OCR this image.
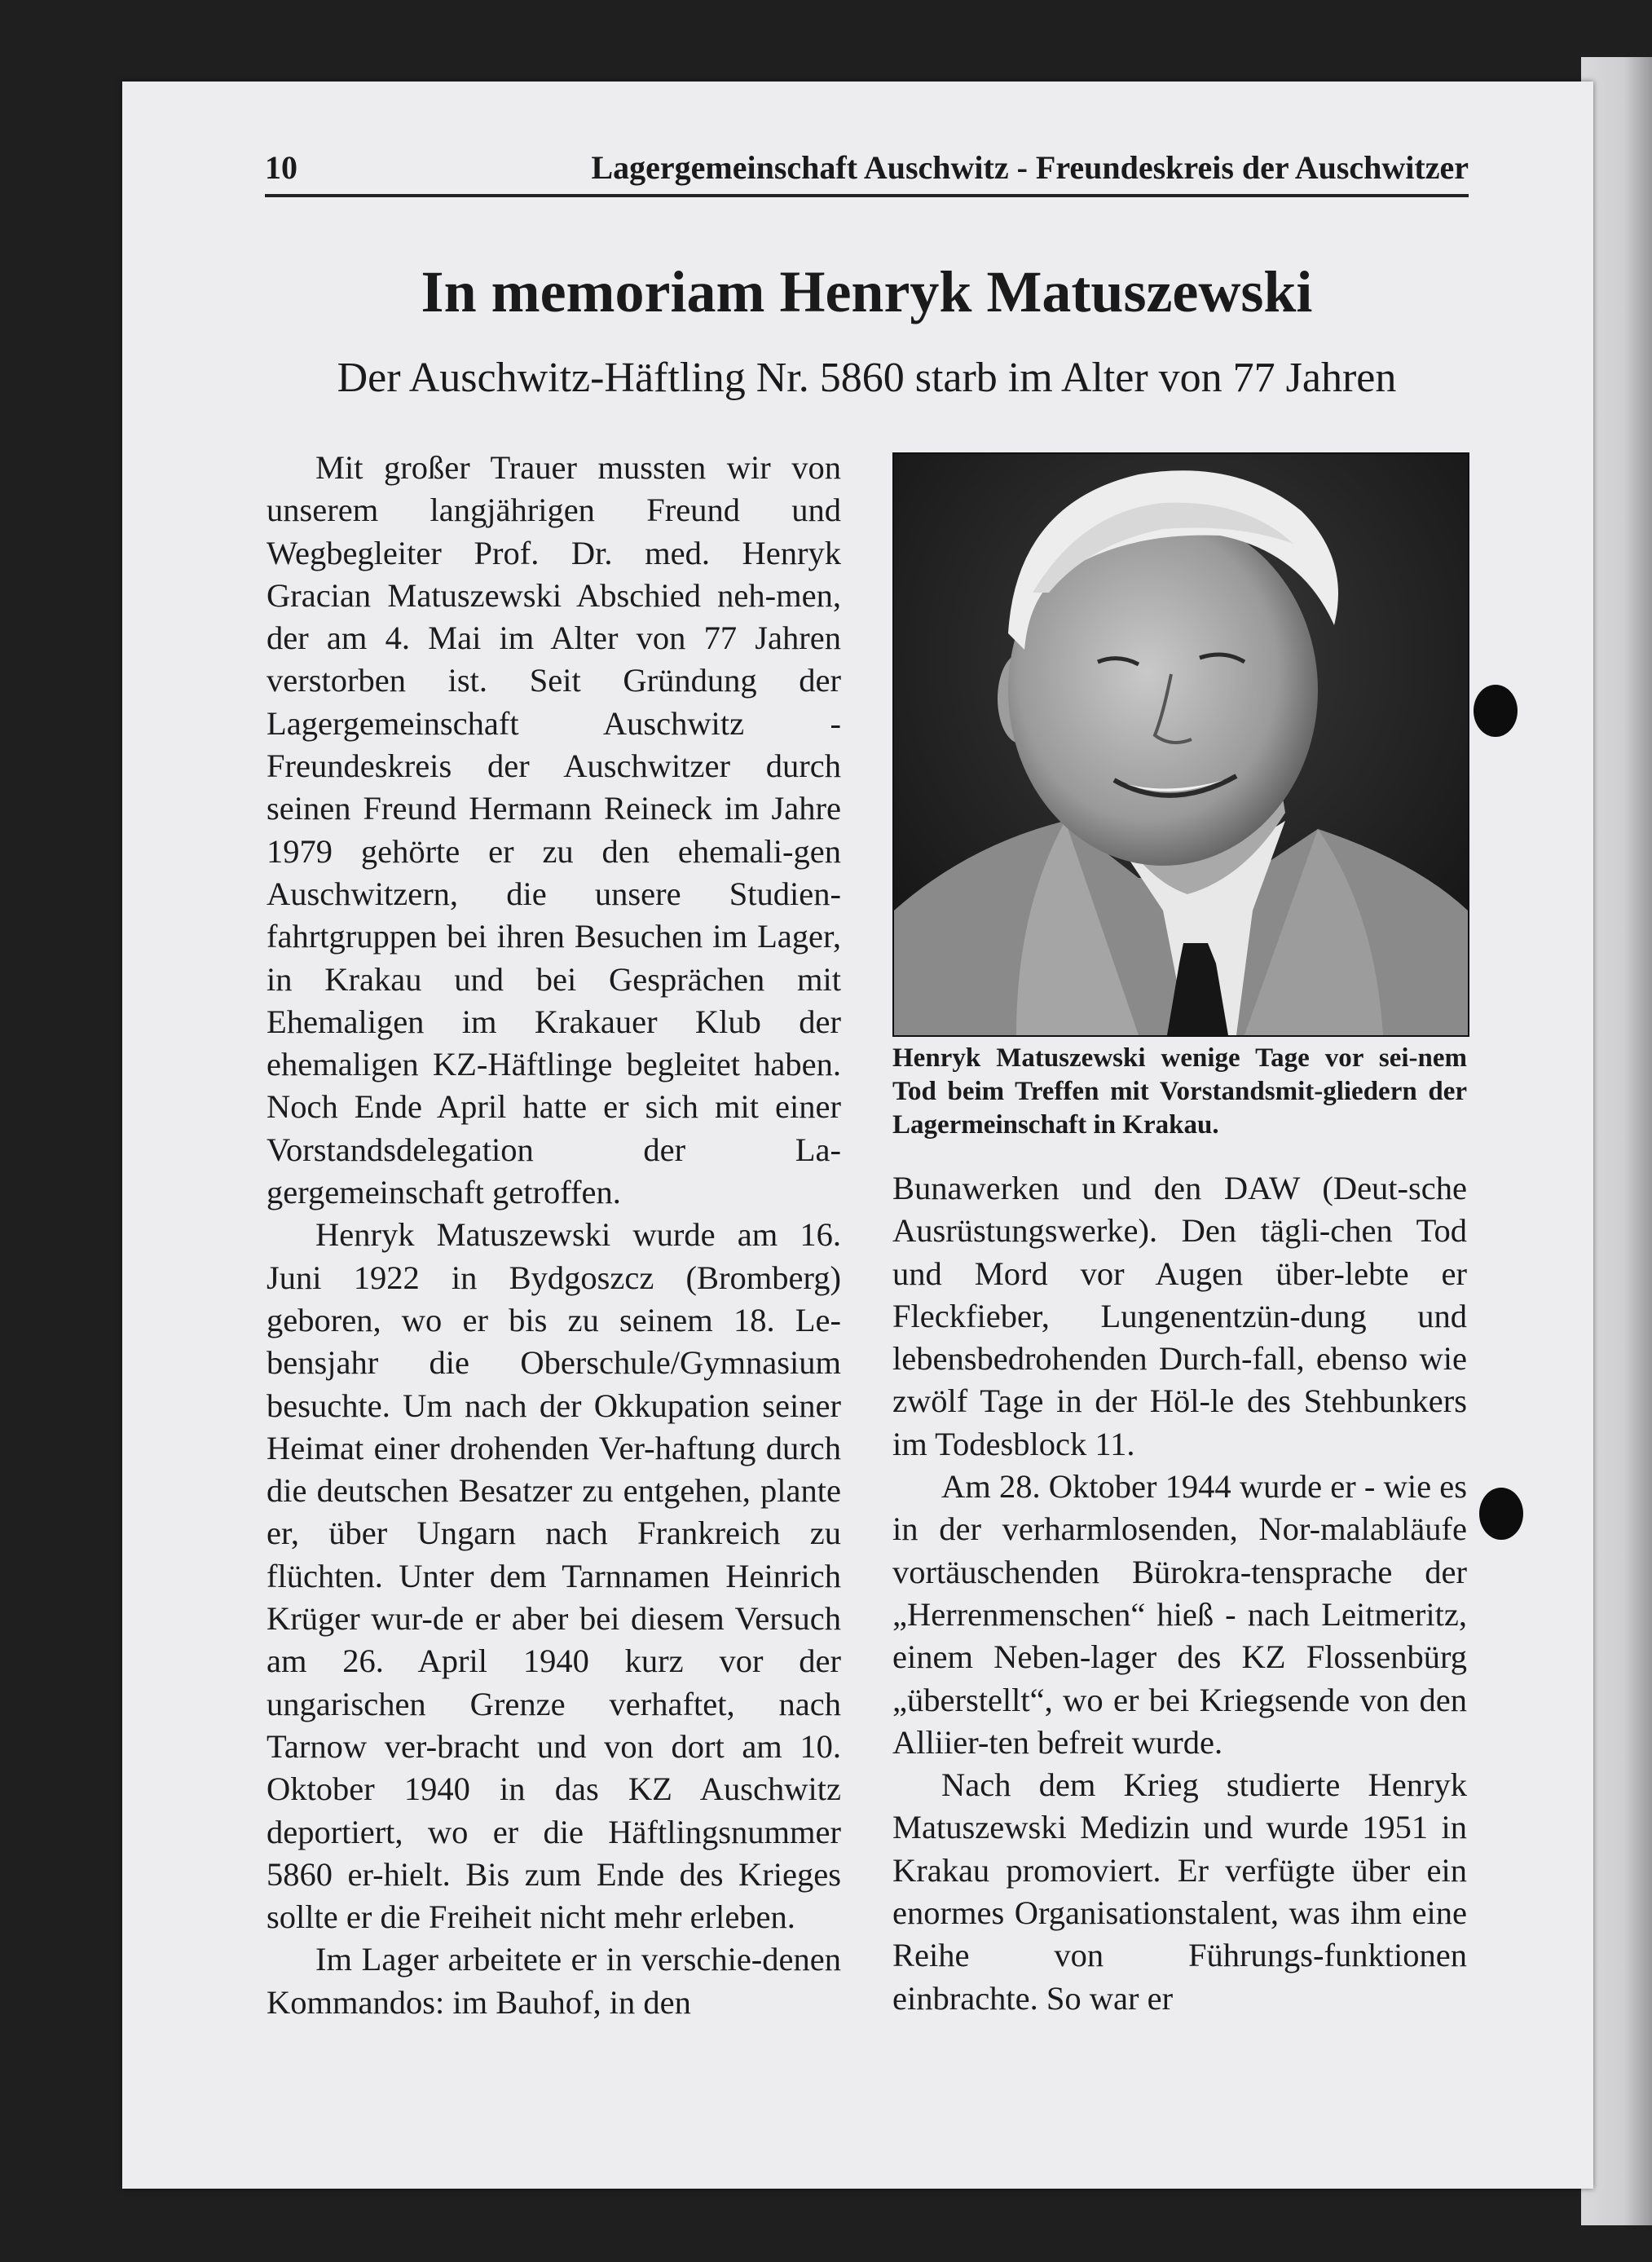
10	Lagergemeinschaft Auschwitz - Freundeskreis der Auschwitzer
In memoriam Henryk Matuszewski
Der Auschwitz-Häftling Nr. 5860 starb im Alter von 77 Jahren

Mit großer Trauer mussten wir von unserem langjährigen Freund und Wegbegleiter Prof. Dr. med. Henryk Gracian Matuszewski Abschied neh-men, der am 4. Mai im Alter von 77 Jahren verstorben ist. Seit Gründung der Lagergemeinschaft Auschwitz - Freundeskreis der Auschwitzer durch seinen Freund Hermann Reineck im Jahre 1979 gehörte er zu den ehemali-gen Auschwitzern, die unsere Studien-fahrtgruppen bei ihren Besuchen im Lager, in Krakau und bei Gesprächen mit Ehemaligen im Krakauer Klub der ehemaligen KZ-Häftlinge begleitet haben. Noch Ende April hatte er sich mit einer Vorstandsdelegation der La-gergemeinschaft getroffen.

Henryk Matuszewski wurde am 16. Juni 1922 in Bydgoszcz (Bromberg) geboren, wo er bis zu seinem 18. Le-bensjahr die Oberschule/Gymnasium besuchte. Um nach der Okkupation seiner Heimat einer drohenden Ver-haftung durch die deutschen Besatzer zu entgehen, plante er, über Ungarn nach Frankreich zu flüchten. Unter dem Tarnnamen Heinrich Krüger wur-de er aber bei diesem Versuch am 26. April 1940 kurz vor der ungarischen Grenze verhaftet, nach Tarnow ver-bracht und von dort am 10. Oktober 1940 in das KZ Auschwitz deportiert, wo er die Häftlingsnummer 5860 er-hielt. Bis zum Ende des Krieges sollte er die Freiheit nicht mehr erleben.

Im Lager arbeitete er in verschie-denen Kommandos: im Bauhof, in den

Henryk Matuszewski wenige Tage vor sei-nem Tod beim Treffen mit Vorstandsmit-gliedern der Lagermeinschaft in Krakau.

Bunawerken und den DAW (Deut-sche Ausrüstungswerke). Den tägli-chen Tod und Mord vor Augen über-lebte er Fleckfieber, Lungenentzün-dung und lebensbedrohenden Durch-fall, ebenso wie zwölf Tage in der Höl-le des Stehbunkers im Todesblock 11.

Am 28. Oktober 1944 wurde er - wie es in der verharmlosenden, Nor-malabläufe vortäuschenden Bürokra-tensprache der „Herrenmenschen“ hieß - nach Leitmeritz, einem Neben-lager des KZ Flossenbürg „überstellt“, wo er bei Kriegsende von den Alliier-ten befreit wurde.

Nach dem Krieg studierte Henryk Matuszewski Medizin und wurde 1951 in Krakau promoviert. Er verfügte über ein enormes Organisationstalent, was ihm eine Reihe von Führungs-funktionen einbrachte. So war er
